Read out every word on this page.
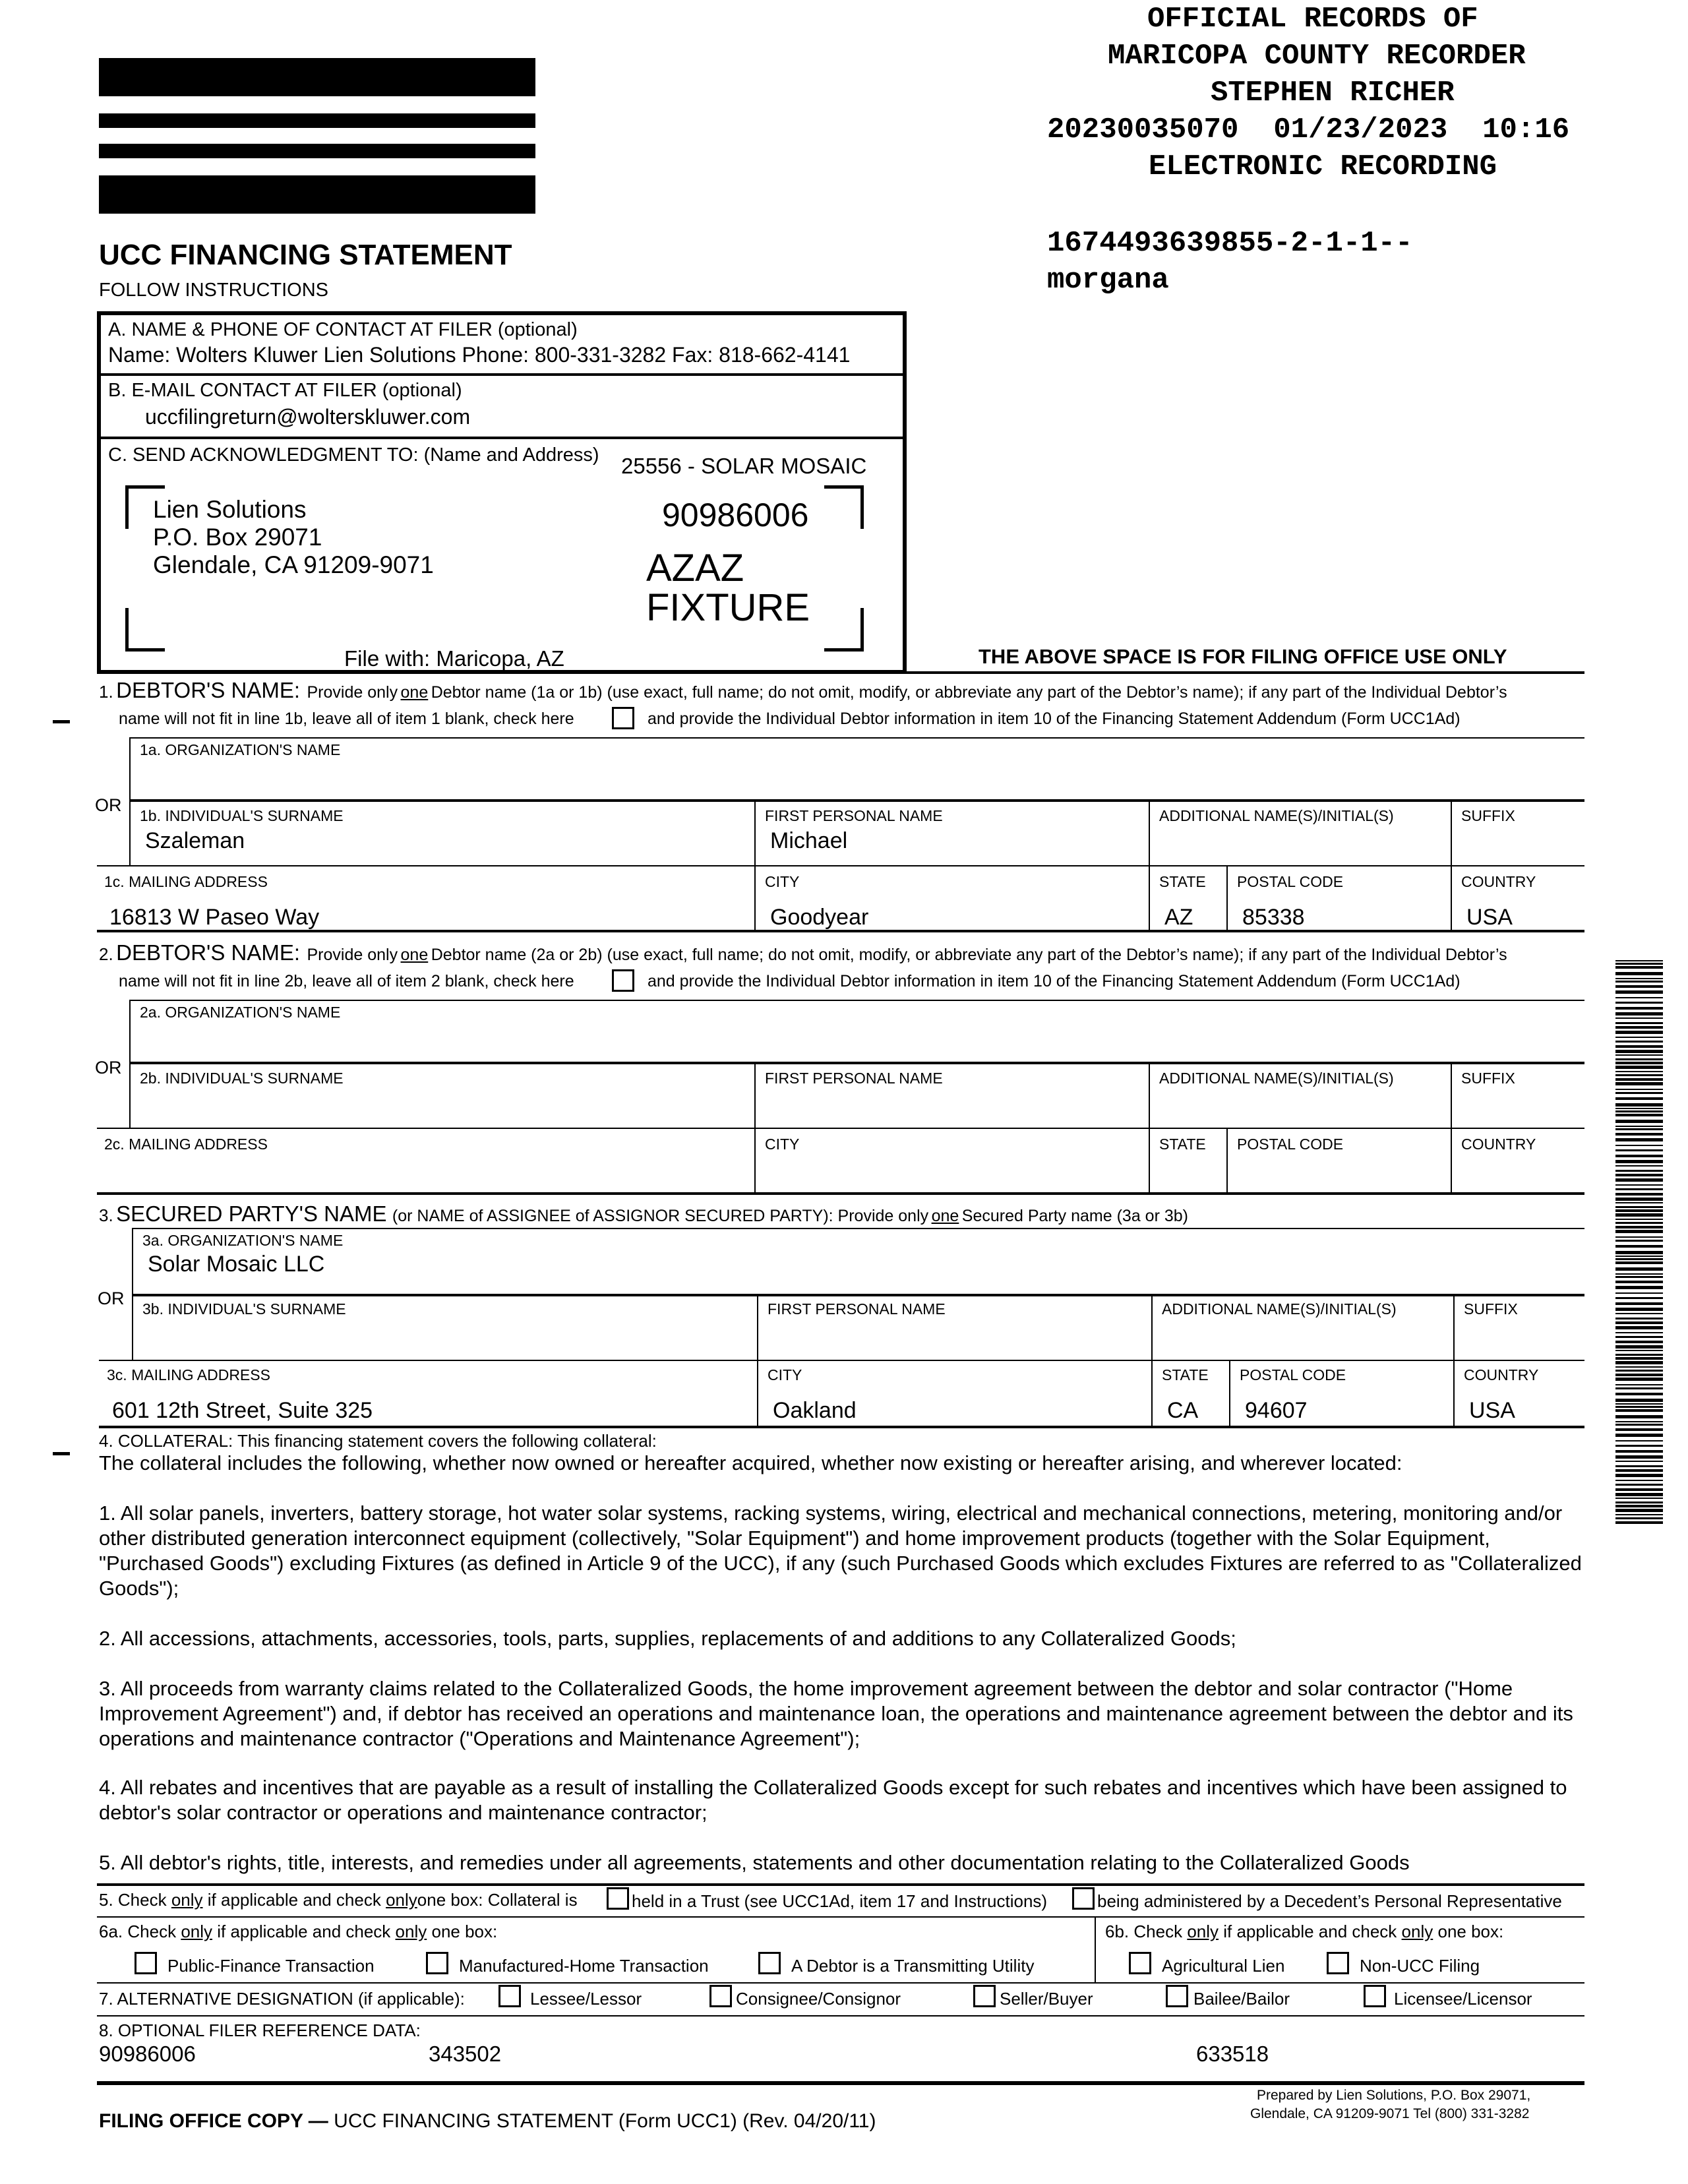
OFFICIAL RECORDS OF
MARICOPA COUNTY RECORDER
STEPHEN RICHER
20230035070  01/23/2023  10:16
ELECTRONIC RECORDING
1674493639855-2-1-1--
morgana
UCC FINANCING STATEMENT
FOLLOW INSTRUCTIONS
A. NAME & PHONE OF CONTACT AT FILER (optional)
Name: Wolters Kluwer Lien Solutions Phone: 800-331-3282 Fax: 818-662-4141
B. E-MAIL CONTACT AT FILER (optional)
uccfilingreturn@wolterskluwer.com
C. SEND ACKNOWLEDGMENT TO: (Name and Address) 25556 - SOLAR MOSAIC
Lien Solutions
P.O. Box 29071
Glendale, CA 91209-9071
90986006
AZAZ
FIXTURE
File with: Maricopa, AZ	THE ABOVE SPACE IS FOR FILING OFFICE USE ONLY
1. DEBTOR'S NAME: Provide only one Debtor name (1a or 1b) (use exact, full name; do not omit, modify, or abbreviate any part of the Debtor’s name); if any part of the Individual Debtor’s
name will not fit in line 1b, leave all of item 1 blank, check here	and provide the Individual Debtor information in item 10 of the Financing Statement Addendum (Form UCC1Ad)
1a. ORGANIZATION'S NAME
OR
1b. INDIVIDUAL'S SURNAME
Szaleman
FIRST PERSONAL NAME
Michael
ADDITIONAL NAME(S)/INITIAL(S)	SUFFIX
1c. MAILING ADDRESS
16813 W Paseo Way
CITY
Goodyear
STATE
AZ
POSTAL CODE
85338
COUNTRY
USA
2. DEBTOR'S NAME: Provide only one Debtor name (2a or 2b) (use exact, full name; do not omit, modify, or abbreviate any part of the Debtor’s name); if any part of the Individual Debtor’s
name will not fit in line 2b, leave all of item 2 blank, check here	and provide the Individual Debtor information in item 10 of the Financing Statement Addendum (Form UCC1Ad)
2a. ORGANIZATION'S NAME
OR
2b. INDIVIDUAL'S SURNAME	FIRST PERSONAL NAME	ADDITIONAL NAME(S)/INITIAL(S)	SUFFIX
2c. MAILING ADDRESS	CITY	STATE POSTAL CODE	COUNTRY
3. SECURED PARTY'S NAME (or NAME of ASSIGNEE of ASSIGNOR SECURED PARTY): Provide only one Secured Party name (3a or 3b)
3a. ORGANIZATION'S NAME
Solar Mosaic LLC
OR
3b. INDIVIDUAL'S SURNAME	FIRST PERSONAL NAME	ADDITIONAL NAME(S)/INITIAL(S)	SUFFIX
3c. MAILING ADDRESS
601 12th Street, Suite 325
CITY
Oakland
STATE
CA
POSTAL CODE
94607
COUNTRY
USA
4. COLLATERAL: This financing statement covers the following collateral:
The collateral includes the following, whether now owned or hereafter acquired, whether now existing or hereafter arising, and wherever located:
1. All solar panels, inverters, battery storage, hot water solar systems, racking systems, wiring, electrical and mechanical connections, metering, monitoring and/or other distributed generation interconnect equipment (collectively, "Solar Equipment") and home improvement products (together with the Solar Equipment, "Purchased Goods") excluding Fixtures (as defined in Article 9 of the UCC), if any (such Purchased Goods which excludes Fixtures are referred to as "Collateralized Goods");
2. All accessions, attachments, accessories, tools, parts, supplies, replacements of and additions to any Collateralized Goods;
3. All proceeds from warranty claims related to the Collateralized Goods, the home improvement agreement between the debtor and solar contractor ("Home Improvement Agreement") and, if debtor has received an operations and maintenance loan, the operations and maintenance agreement between the debtor and its operations and maintenance contractor ("Operations and Maintenance Agreement");
4. All rebates and incentives that are payable as a result of installing the Collateralized Goods except for such rebates and incentives which have been assigned to debtor's solar contractor or operations and maintenance contractor;
5. All debtor's rights, title, interests, and remedies under all agreements, statements and other documentation relating to the Collateralized Goods
5. Check only if applicable and check onlyone box: Collateral is	held in a Trust (see UCC1Ad, item 17 and Instructions)	being administered by a Decedent’s Personal Representative
6a. Check only if applicable and check only one box:	6b. Check only if applicable and check only one box:
Public-Finance Transaction	Manufactured-Home Transaction	A Debtor is a Transmitting Utility	Agricultural Lien	Non-UCC Filing
7. ALTERNATIVE DESIGNATION (if applicable):	Lessee/Lessor	Consignee/Consignor	Seller/Buyer	Bailee/Bailor	Licensee/Licensor
8. OPTIONAL FILER REFERENCE DATA:
90986006	343502	633518
FILING OFFICE COPY — UCC FINANCING STATEMENT (Form UCC1) (Rev. 04/20/11)
Prepared by Lien Solutions, P.O. Box 29071,
Glendale, CA 91209-9071 Tel (800) 331-3282
